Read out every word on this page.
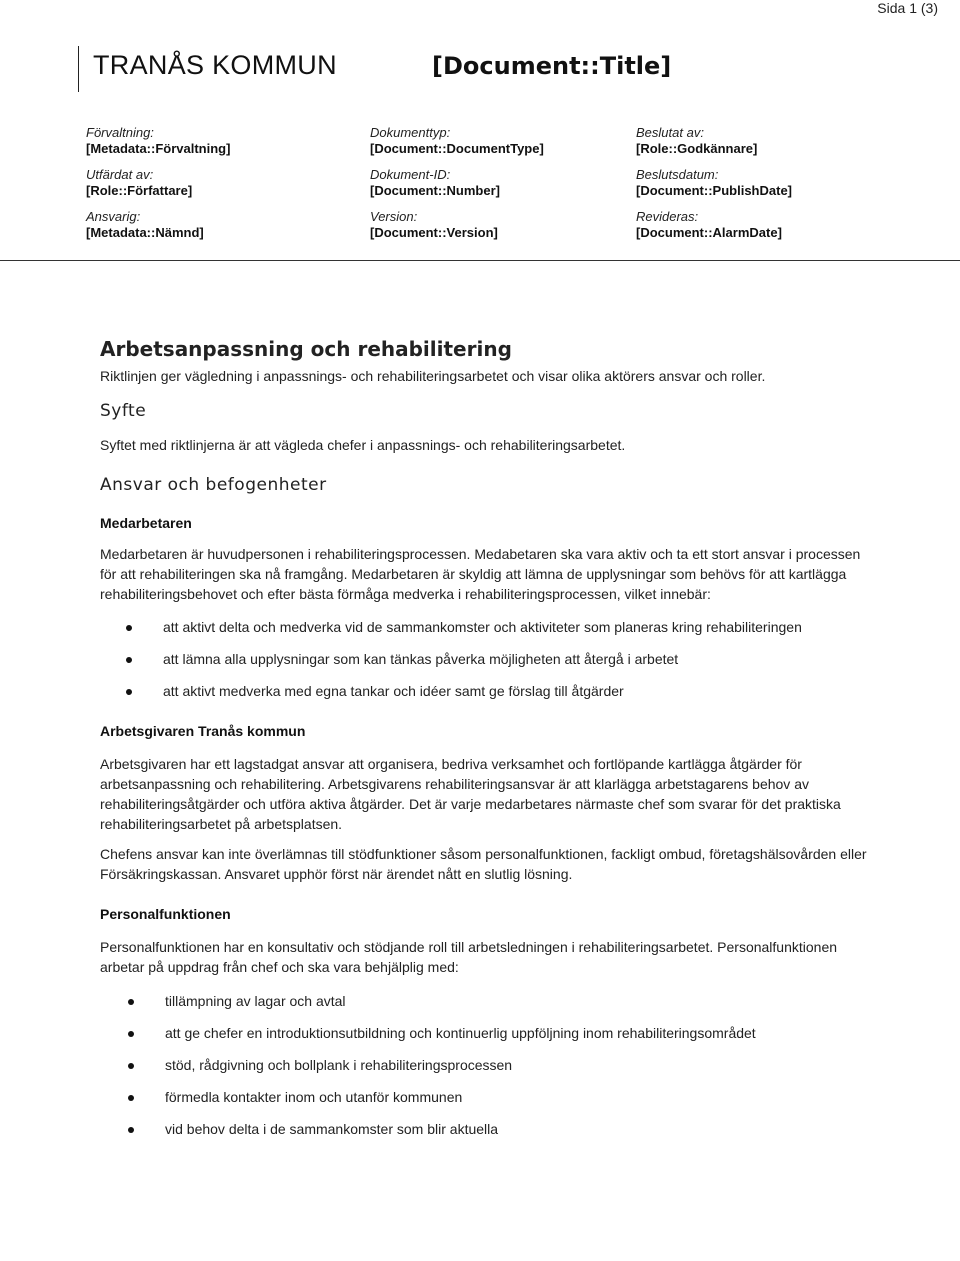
Sida 1 (3)
TRANÅS KOMMUN	[Document::Title]
Förvaltning:
[Metadata::Förvaltning]
Utfärdat av:
[Role::Författare]
Ansvarig:
[Metadata::Nämnd]
Dokumenttyp:
[Document::DocumentType]
Dokument-ID:
[Document::Number]
Version:
[Document::Version]
Beslutat av:
[Role::Godkännare]
Beslutsdatum:
[Document::PublishDate]
Revideras:
[Document::AlarmDate]
Arbetsanpassning och rehabilitering

Riktlinjen ger vägledning i anpassnings- och rehabiliteringsarbetet och visar olika aktörers ansvar och roller.

Syfte

Syftet med riktlinjerna är att vägleda chefer i anpassnings- och rehabiliteringsarbetet.

Ansvar och befogenheter
Medarbetaren

Medarbetaren är huvudpersonen i rehabiliteringsprocessen. Medabetaren ska vara aktiv och ta ett stort ansvar i processen för att rehabiliteringen ska nå framgång. Medarbetaren är skyldig att lämna de upplysningar som behövs för att kartlägga rehabiliteringsbehovet och efter bästa förmåga medverka i rehabiliteringsprocessen, vilket innebär:

att aktivt delta och medverka vid de sammankomster och aktiviteter som planeras kring rehabiliteringen
att lämna alla upplysningar som kan tänkas påverka möjligheten att återgå i arbetet
att aktivt medverka med egna tankar och idéer samt ge förslag till åtgärder
Arbetsgivaren Tranås kommun

Arbetsgivaren har ett lagstadgat ansvar att organisera, bedriva verksamhet och fortlöpande kartlägga åtgärder för arbetsanpassning och rehabilitering. Arbetsgivarens rehabiliteringsansvar är att klarlägga arbetstagarens behov av rehabiliteringsåtgärder och utföra aktiva åtgärder. Det är varje medarbetares närmaste chef som svarar för det praktiska rehabiliteringsarbetet på arbetsplatsen.

Chefens ansvar kan inte överlämnas till stödfunktioner såsom personalfunktionen, fackligt ombud, företagshälsovården eller Försäkringskassan. Ansvaret upphör först när ärendet nått en slutlig lösning.

Personalfunktionen

Personalfunktionen har en konsultativ och stödjande roll till arbetsledningen i rehabiliteringsarbetet. Personalfunktionen arbetar på uppdrag från chef och ska vara behjälplig med:

tillämpning av lagar och avtal
att ge chefer en introduktionsutbildning och kontinuerlig uppföljning inom rehabiliteringsområdet
stöd, rådgivning och bollplank i rehabiliteringsprocessen
förmedla kontakter inom och utanför kommunen
vid behov delta i de sammankomster som blir aktuella
